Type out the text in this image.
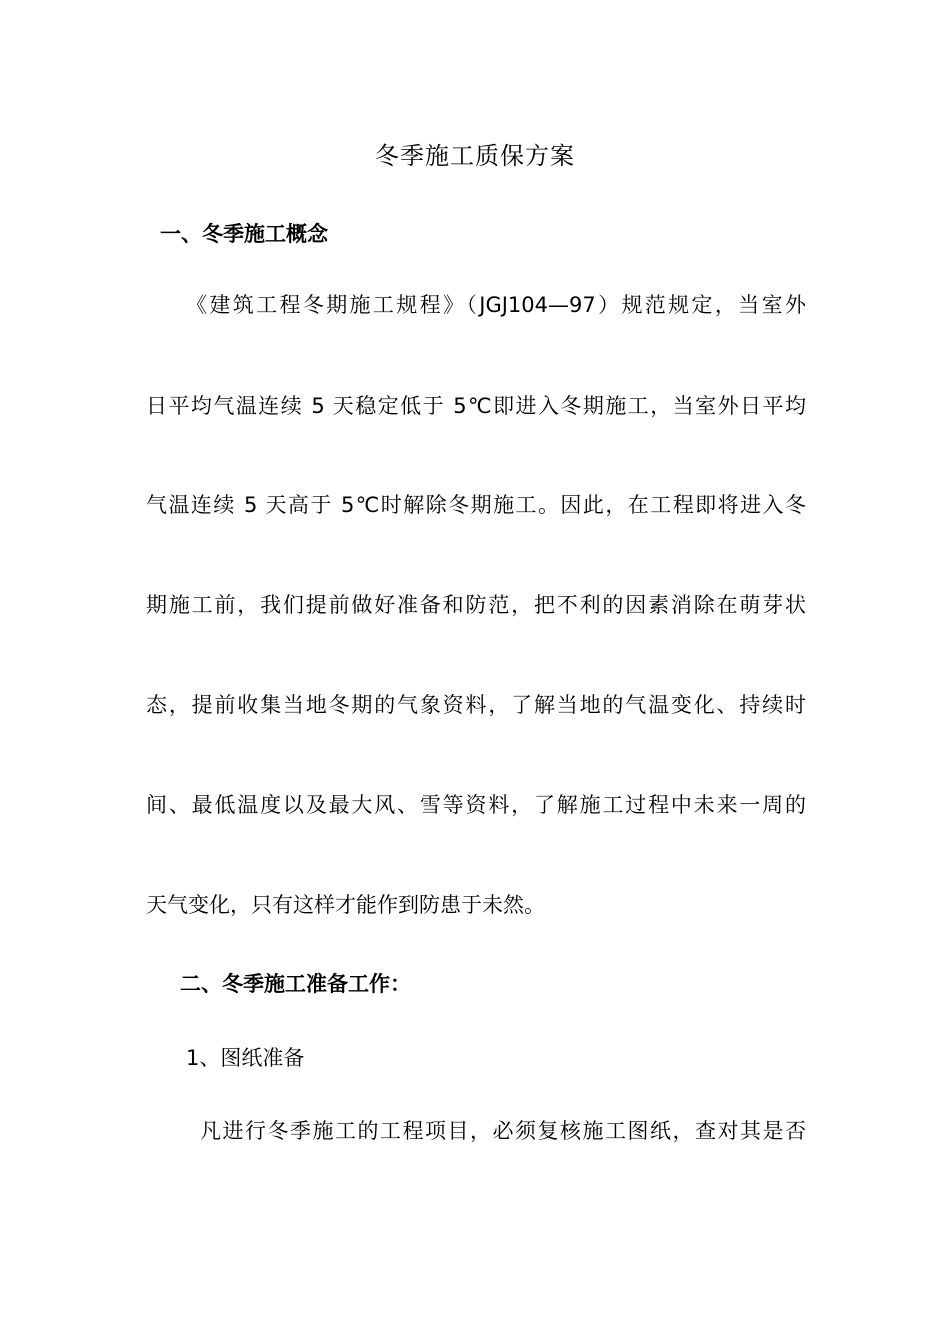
冬季施工质保方案
一、冬季施工概念
《建筑工程冬期施工规程》（JGJ104—97）规范规定，当室外
日平均气温连续 5 天稳定低于 5℃即进入冬期施工，当室外日平均
气温连续 5 天高于 5℃时解除冬期施工。因此，在工程即将进入冬
期施工前，我们提前做好准备和防范，把不利的因素消除在萌芽状
态，提前收集当地冬期的气象资料，了解当地的气温变化、持续时
间、最低温度以及最大风、雪等资料，了解施工过程中未来一周的
天气变化，只有这样才能作到防患于未然。
二、冬季施工准备工作：
1、图纸准备
凡进行冬季施工的工程项目，必须复核施工图纸，查对其是否
